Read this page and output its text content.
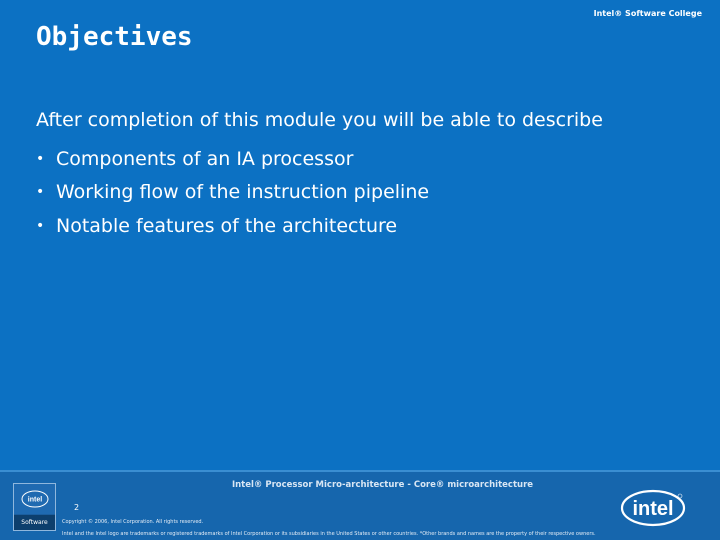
Intel® Software College
Objectives
After completion of this module you will be able to describe
• Components of an IA processor
• Working flow of the instruction pipeline
• Notable features of the architecture
intel
Software
Intel® Processor Micro-architecture - Core® microarchitecture
2
Copyright © 2006, Intel Corporation. All rights reserved.
Intel and the Intel logo are trademarks or registered trademarks of Intel Corporation or its subsidiaries in the United States or other countries. *Other brands and names are the property of their respective owners.
intel
